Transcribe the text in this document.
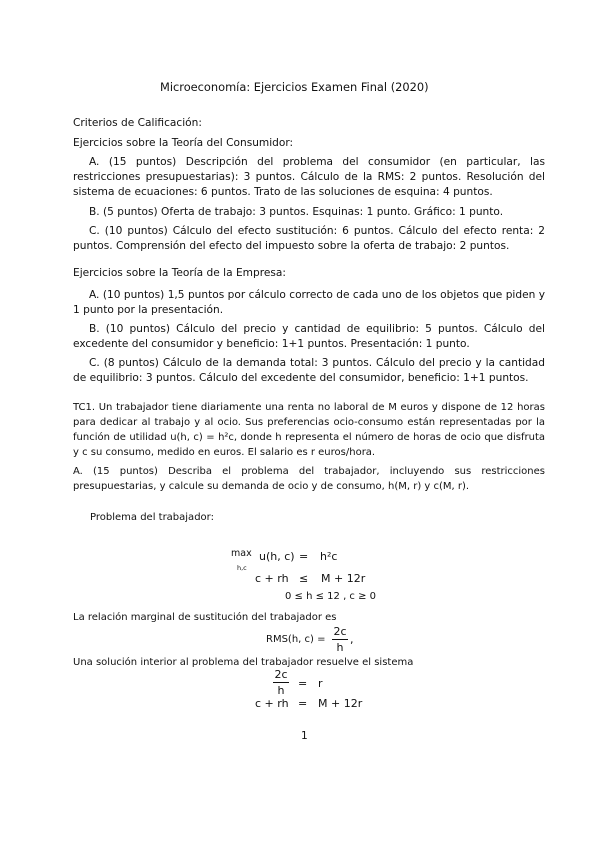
Microeconomía: Ejercicios Examen Final (2020)
Criterios de Calificación:
Ejercicios sobre la Teoría del Consumidor:
A. (15 puntos) Descripción del problema del consumidor (en particular, las restricciones presupuestarias): 3 puntos. Cálculo de la RMS: 2 puntos. Resolución del sistema de ecuaciones: 6 puntos. Trato de las soluciones de esquina: 4 puntos.
B. (5 puntos) Oferta de trabajo: 3 puntos. Esquinas: 1 punto. Gráfico: 1 punto.
C. (10 puntos) Cálculo del efecto sustitución: 6 puntos. Cálculo del efecto renta: 2 puntos. Comprensión del efecto del impuesto sobre la oferta de trabajo: 2 puntos.
Ejercicios sobre la Teoría de la Empresa:
A. (10 puntos) 1,5 puntos por cálculo correcto de cada uno de los objetos que piden y 1 punto por la presentación.
B. (10 puntos) Cálculo del precio y cantidad de equilibrio: 5 puntos. Cálculo del excedente del consumidor y beneficio: 1+1 puntos. Presentación: 1 punto.
C. (8 puntos) Cálculo de la demanda total: 3 puntos. Cálculo del precio y la cantidad de equilibrio: 3 puntos. Cálculo del excedente del consumidor, beneficio: 1+1 puntos.
TC1. Un trabajador tiene diariamente una renta no laboral de M euros y dispone de 12 horas para dedicar al trabajo y al ocio. Sus preferencias ocio-consumo están representadas por la función de utilidad u(h, c) = h²c, donde h representa el número de horas de ocio que disfruta y c su consumo, medido en euros. El salario es r euros/hora.
A. (15 puntos) Describa el problema del trabajador, incluyendo sus restricciones presupuestarias, y calcule su demanda de ocio y de consumo, h(M, r) y c(M, r).
Problema del trabajador:
max
h,c
u(h, c) = h²c
c + rh ≤ M + 12r
0 ≤ h ≤ 12 , c ≥ 0
La relación marginal de sustitución del trabajador es
RMS(h, c) =
2c
h
,
Una solución interior al problema del trabajador resuelve el sistema
2c
h
= r
c + rh = M + 12r
1
